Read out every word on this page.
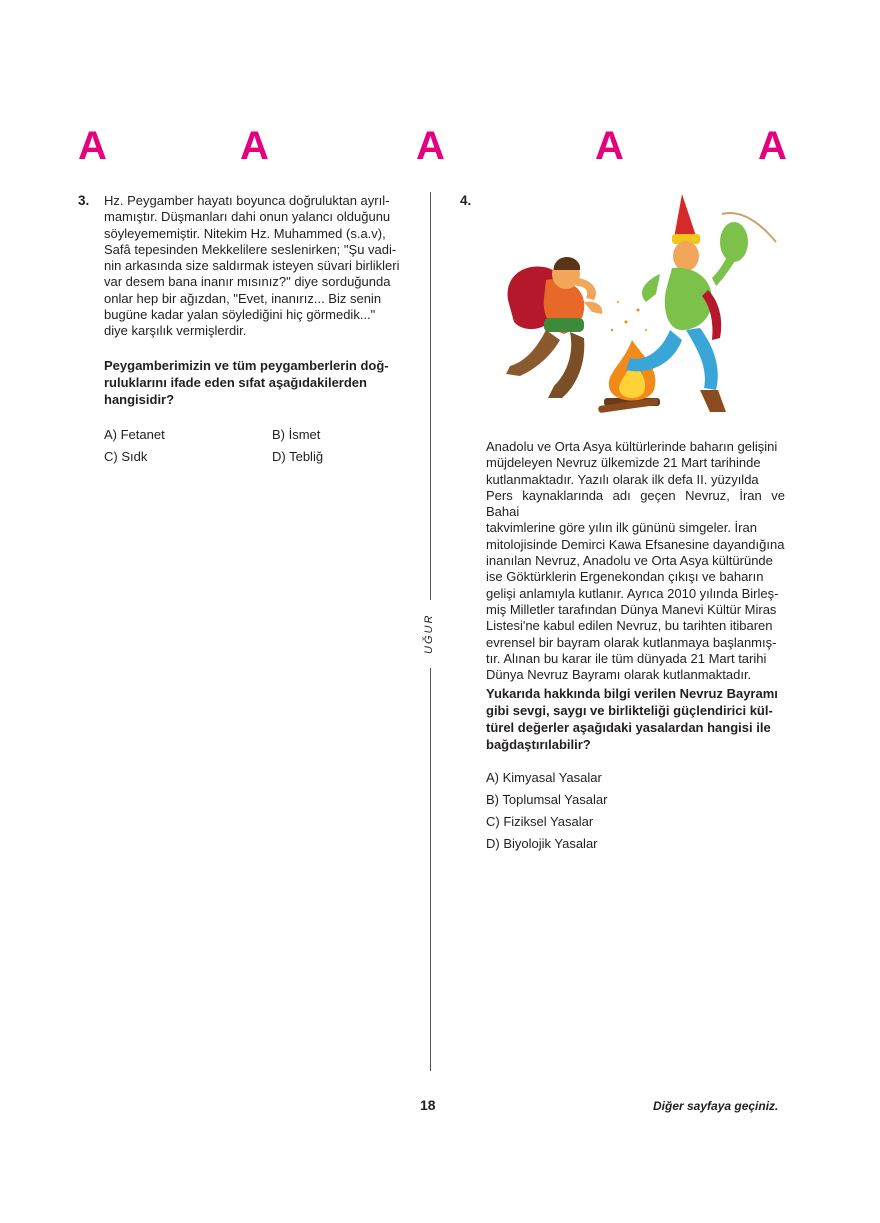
A	A	A	A	A
UĞUR
3. Hz. Peygamber hayatı boyunca doğruluktan ayrıl-
mamıştır. Düşmanları dahi onun yalancı olduğunu
söyleyememiştir. Nitekim Hz. Muhammed (s.a.v),
Safâ tepesinden Mekkelilere seslenirken; "Şu vadi-
nin arkasında size saldırmak isteyen süvari birlikleri
var desem bana inanır mısınız?" diye sorduğunda
onlar hep bir ağızdan, "Evet, inanırız... Biz senin
bugüne kadar yalan söylediğini hiç görmedik..."
diye karşılık vermişlerdir.
Peygamberimizin ve tüm peygamberlerin doğ-
ruluklarını ifade eden sıfat aşağıdakilerden
hangisidir?
A) Fetanet	B) İsmet
C) Sıdk	D) Tebliğ
4.
Anadolu ve Orta Asya kültürlerinde baharın gelişini
müjdeleyen Nevruz ülkemizde 21 Mart tarihinde
kutlanmaktadır. Yazılı olarak ilk defa II. yüzyılda
Pers kaynaklarında adı geçen Nevruz, İran ve Bahai
takvimlerine göre yılın ilk gününü simgeler. İran
mitolojisinde Demirci Kawa Efsanesine dayandığına
inanılan Nevruz, Anadolu ve Orta Asya kültüründe
ise Göktürklerin Ergenekondan çıkışı ve baharın
gelişi anlamıyla kutlanır. Ayrıca 2010 yılında Birleş-
miş Milletler tarafından Dünya Manevi Kültür Miras
Listesi'ne kabul edilen Nevruz, bu tarihten itibaren
evrensel bir bayram olarak kutlanmaya başlanmış-
tır. Alınan bu karar ile tüm dünyada 21 Mart tarihi
Dünya Nevruz Bayramı olarak kutlanmaktadır.
Yukarıda hakkında bilgi verilen Nevruz Bayramı
gibi sevgi, saygı ve birlikteliği güçlendirici kül-
türel değerler aşağıdaki yasalardan hangisi ile
bağdaştırılabilir?
A) Kimyasal Yasalar
B) Toplumsal Yasalar
C) Fiziksel Yasalar
D) Biyolojik Yasalar
18	Diğer sayfaya geçiniz.
